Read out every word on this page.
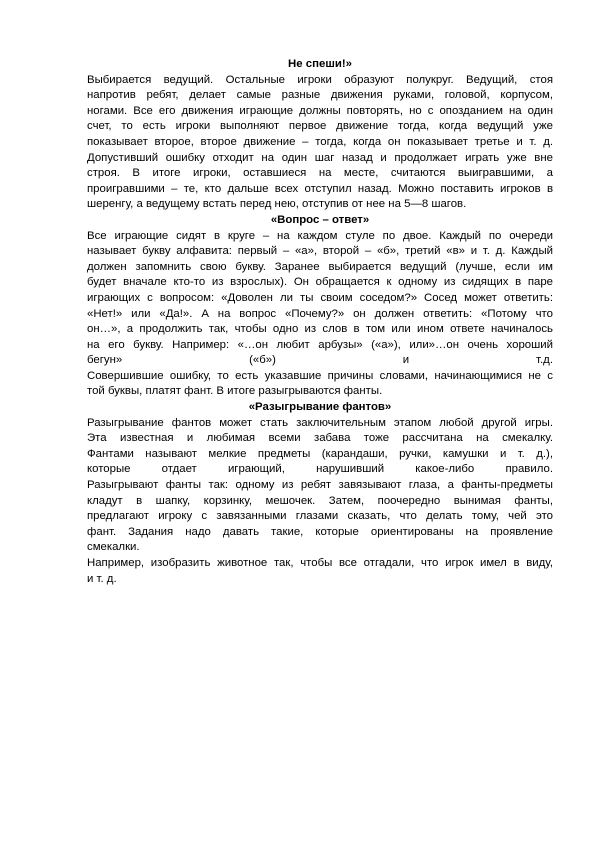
Не спеши!»

Выбирается ведущий. Остальные игроки образуют полукруг. Ведущий, стоя
напротив ребят, делает самые разные движения руками, головой, корпусом,
ногами. Все его движения играющие должны повторять, но с опозданием на один
счет, то есть игроки выполняют первое движение тогда, когда ведущий уже
показывает второе, второе движение – тогда, когда он показывает третье и т. д.
Допустивший ошибку отходит на один шаг назад и продолжает играть уже вне
строя. В итоге игроки, оставшиеся на месте, считаются выигравшими, а
проигравшими – те, кто дальше всех отступил назад. Можно поставить игроков в
шеренгу, а ведущему встать перед нею, отступив от нее на 5—8 шагов.

«Вопрос – ответ»

Все играющие сидят в круге – на каждом стуле по двое. Каждый по очереди
называет букву алфавита: первый – «а», второй – «б», третий «в» и т. д. Каждый
должен запомнить свою букву. Заранее выбирается ведущий (лучше, если им
будет вначале кто-то из взрослых). Он обращается к одному из сидящих в паре
играющих с вопросом: «Доволен ли ты своим соседом?» Сосед может ответить:
«Нет!» или «Да!». А на вопрос «Почему?» он должен ответить: «Потому что
он…», а продолжить так, чтобы одно из слов в том или ином ответе начиналось
на его букву. Например: «…он любит арбузы» («а»), или»…он очень хороший
бегун» («б») и т.д.
Совершившие ошибку, то есть указавшие причины словами, начинающимися не с
той буквы, платят фант. В итоге разыгрываются фанты.

«Разыгрывание фантов»

Разыгрывание фантов может стать заключительным этапом любой другой игры.
Эта известная и любимая всеми забава тоже рассчитана на смекалку.
Фантами называют мелкие предметы (карандаши, ручки, камушки и т. д.),
которые отдает играющий, нарушивший какое-либо правило.
Разыгрывают фанты так: одному из ребят завязывают глаза, а фанты-предметы
кладут в шапку, корзинку, мешочек. Затем, поочередно вынимая фанты,
предлагают игроку с завязанными глазами сказать, что делать тому, чей это
фант. Задания надо давать такие, которые ориентированы на проявление
смекалки.
Например, изобразить животное так, чтобы все отгадали, что игрок имел в виду,
и т. д.
